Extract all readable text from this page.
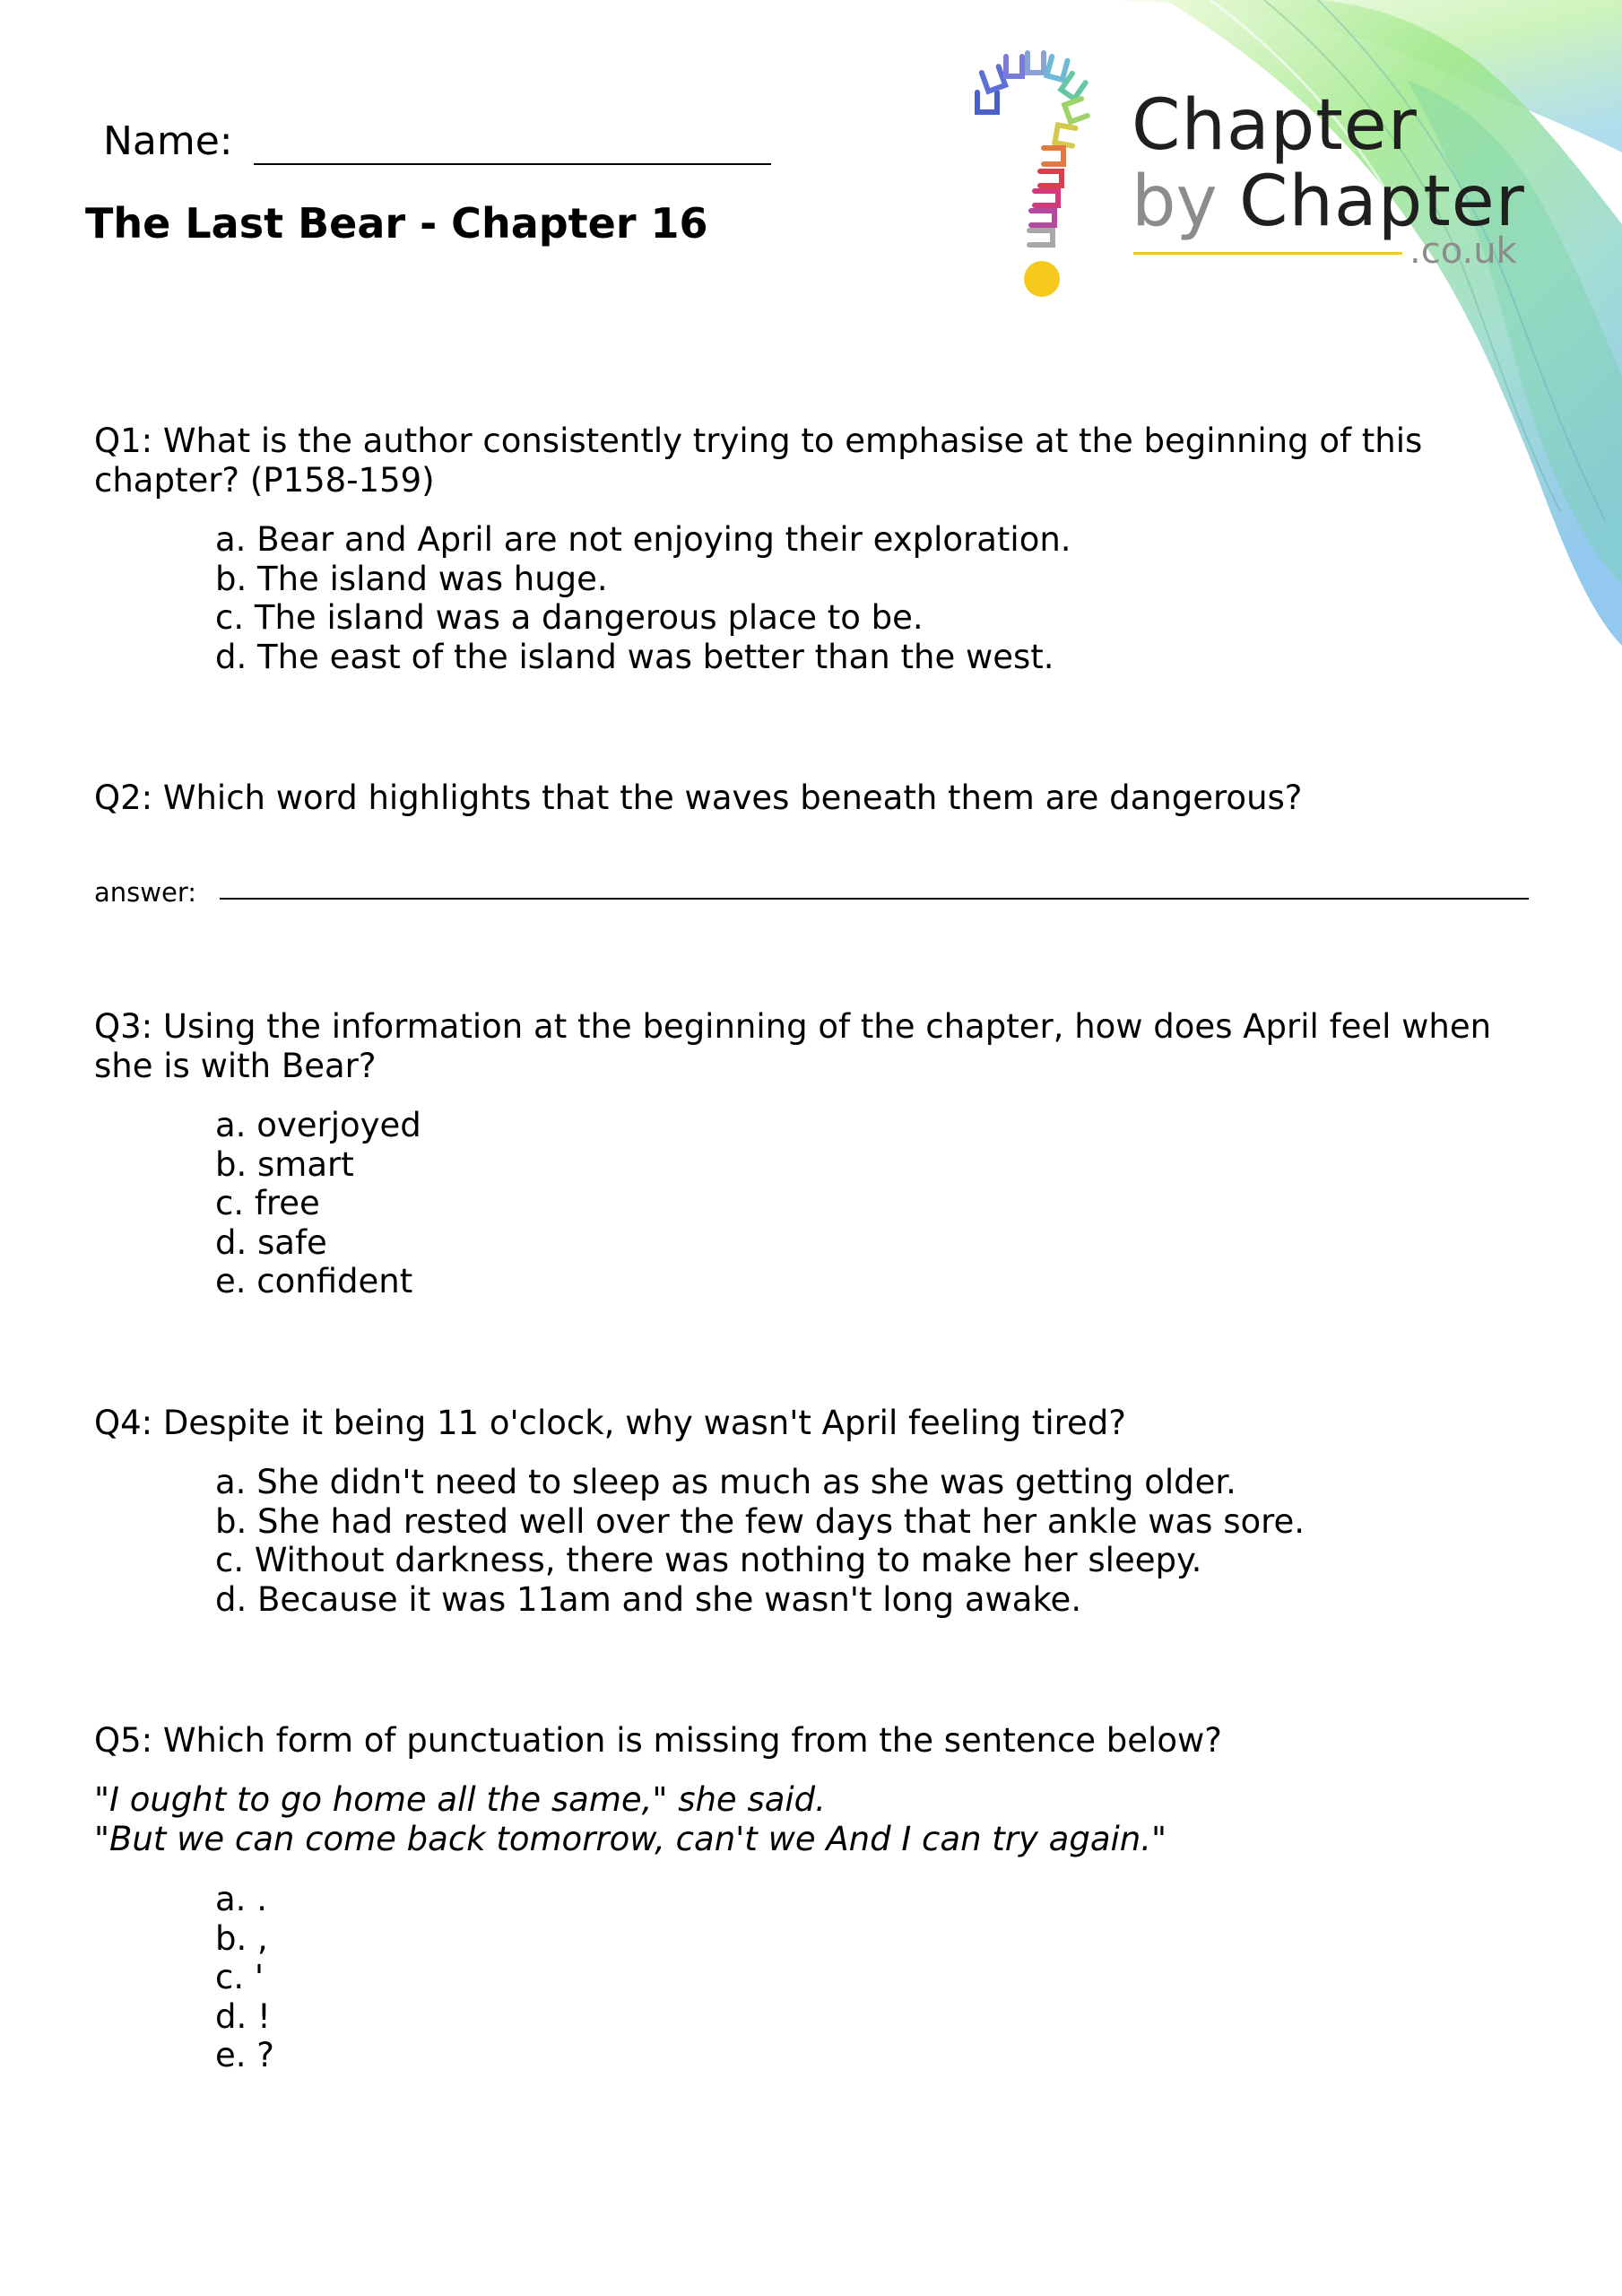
Chapter
by Chapter
.co.uk
Name:
The Last Bear - Chapter 16
Q1: What is the author consistently trying to emphasise at the beginning of this chapter? (P158-159)
a. Bear and April are not enjoying their exploration.
b. The island was huge.
c. The island was a dangerous place to be.
d. The east of the island was better than the west.
Q2: Which word highlights that the waves beneath them are dangerous?
answer:
Q3: Using the information at the beginning of the chapter, how does April feel when she is with Bear?
a. overjoyed
b. smart
c. free
d. safe
e. confident
Q4: Despite it being 11 o'clock, why wasn't April feeling tired?
a. She didn't need to sleep as much as she was getting older.
b. She had rested well over the few days that her ankle was sore.
c. Without darkness, there was nothing to make her sleepy.
d. Because it was 11am and she wasn't long awake.
Q5: Which form of punctuation is missing from the sentence below?
"I ought to go home all the same," she said.
"But we can come back tomorrow, can't we And I can try again."
a. .
b. ,
c. '
d. !
e. ?
